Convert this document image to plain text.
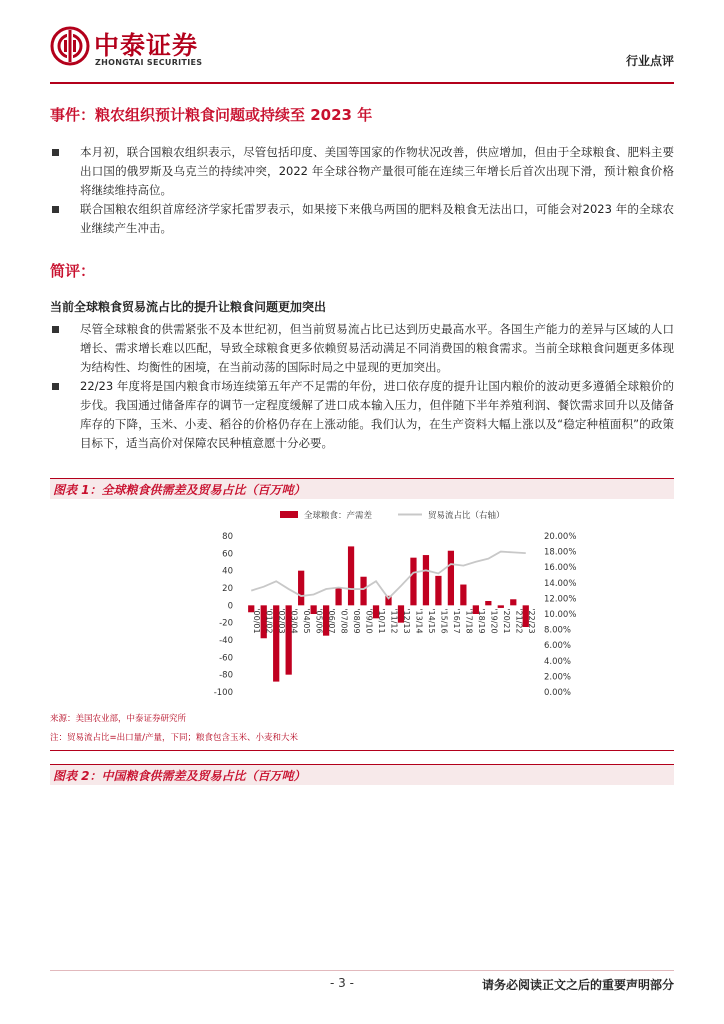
中泰证券
ZHONGTAI SECURITIES	行业点评
事件：粮农组织预计粮食问题或持续至 2023 年
本月初，联合国粮农组织表示，尽管包括印度、美国等国家的作物状况改善，供应增加，但由于全球粮食、肥料主要出口国的俄罗斯及乌克兰的持续冲突，2022 年全球谷物产量很可能在连续三年增长后首次出现下滑，预计粮食价格将继续维持高位。
联合国粮农组织首席经济学家托雷罗表示，如果接下来俄乌两国的肥料及粮食无法出口，可能会对2023 年的全球农业继续产生冲击。
简评：
当前全球粮食贸易流占比的提升让粮食问题更加突出
尽管全球粮食的供需紧张不及本世纪初，但当前贸易流占比已达到历史最高水平。各国生产能力的差异与区域的人口增长、需求增长难以匹配，导致全球粮食更多依赖贸易活动满足不同消费国的粮食需求。当前全球粮食问题更多体现为结构性、均衡性的困境，在当前动荡的国际时局之中显现的更加突出。
22/23 年度将是国内粮食市场连续第五年产不足需的年份，进口依存度的提升让国内粮价的波动更多遵循全球粮价的步伐。我国通过储备库存的调节一定程度缓解了进口成本输入压力，但伴随下半年养殖利润、餐饮需求回升以及储备库存的下降，玉米、小麦、稻谷的价格仍存在上涨动能。我们认为，在生产资料大幅上涨以及“稳定种植面积”的政策目标下，适当高价对保障农民种植意愿十分必要。
图表 1：全球粮食供需差及贸易占比（百万吨）
全球粮食：产需差	贸易流占比（右轴）
-100
-80
-60
-40
-20
0
20
40
60
80
0.00%
2.00%
4.00%
6.00%
8.00%
10.00%
12.00%
14.00%
16.00%
18.00%
20.00%
'00/01 '01/02 '02/03 '03/04 '04/05 '05/06 '06/07 '07/08 '08/09 '09/10 '10/11 '11/12 '12/13 '13/14 '14/15 '15/16 '16/17 '17/18 '18/19 '19/20 '20/21 '21/22 '22/23
来源：美国农业部，中泰证券研究所
注：贸易流占比=出口量/产量，下同；粮食包含玉米、小麦和大米
图表 2：中国粮食供需差及贸易占比（百万吨）
- 3 -	请务必阅读正文之后的重要声明部分
